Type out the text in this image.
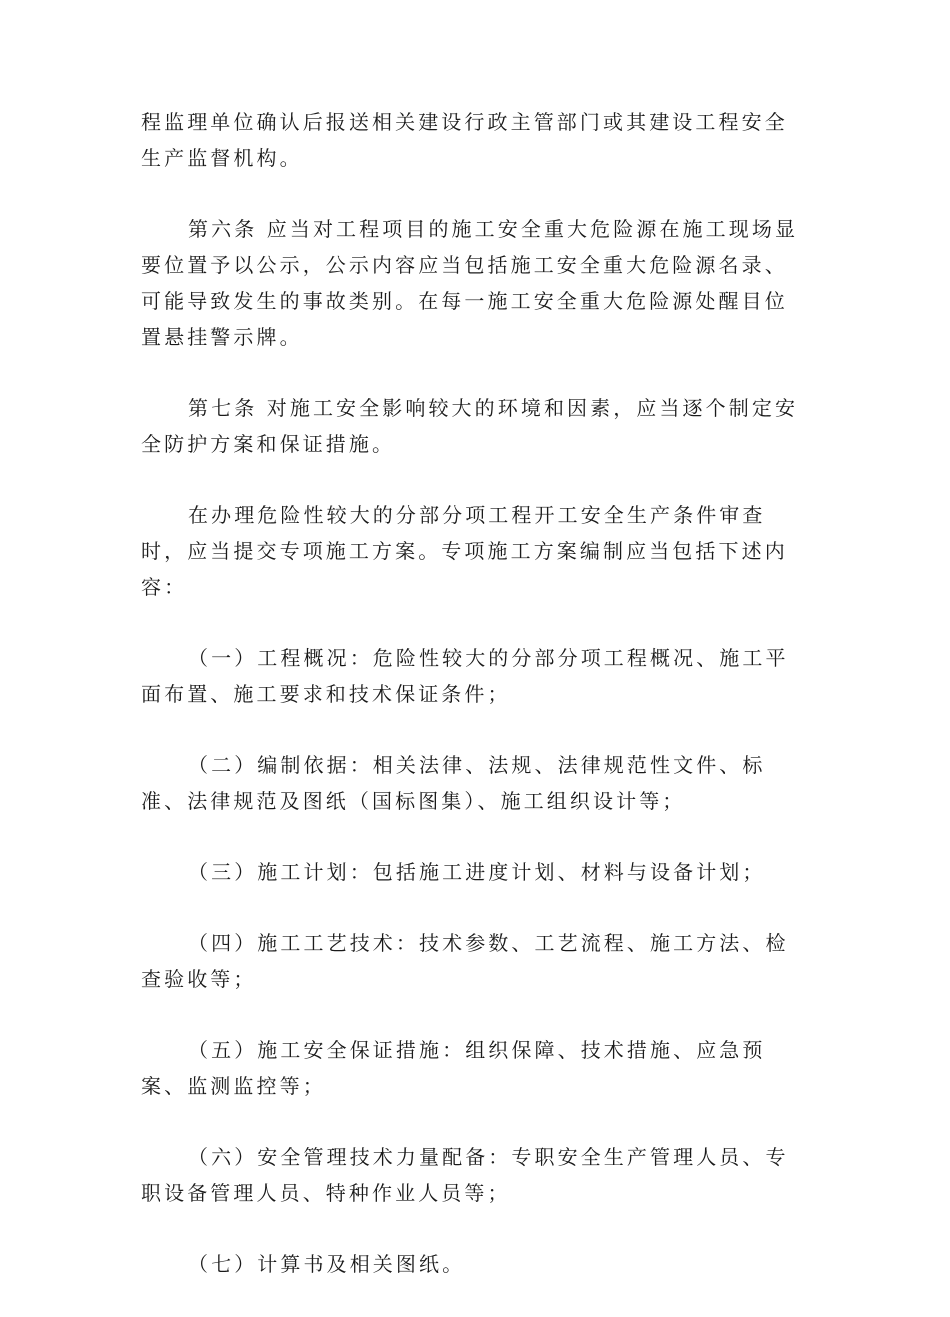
程监理单位确认后报送相关建设行政主管部门或其建设工程安全生产监督机构。

第六条 应当对工程项目的施工安全重大危险源在施工现场显要位置予以公示，公示内容应当包括施工安全重大危险源名录、可能导致发生的事故类别。在每一施工安全重大危险源处醒目位置悬挂警示牌。

第七条 对施工安全影响较大的环境和因素，应当逐个制定安全防护方案和保证措施。

在办理危险性较大的分部分项工程开工安全生产条件审查时，应当提交专项施工方案。专项施工方案编制应当包括下述内容：

（一）工程概况：危险性较大的分部分项工程概况、施工平面布置、施工要求和技术保证条件；

（二）编制依据：相关法律、法规、法律规范性文件、标准、法律规范及图纸（国标图集）、施工组织设计等；

（三）施工计划：包括施工进度计划、材料与设备计划；

（四）施工工艺技术：技术参数、工艺流程、施工方法、检查验收等；

（五）施工安全保证措施：组织保障、技术措施、应急预案、监测监控等；

（六）安全管理技术力量配备：专职安全生产管理人员、专职设备管理人员、特种作业人员等；

（七）计算书及相关图纸。
